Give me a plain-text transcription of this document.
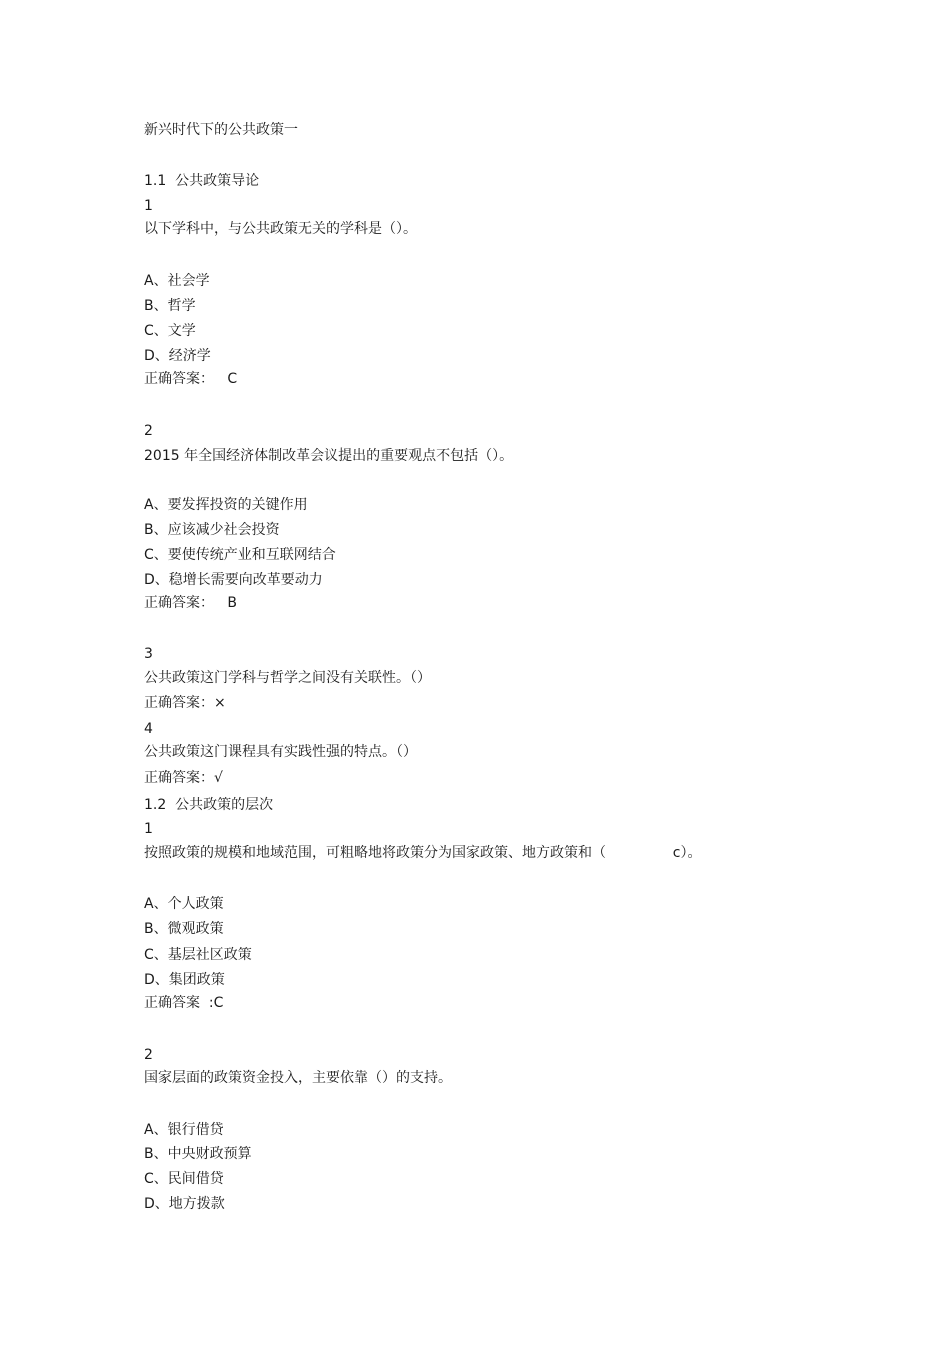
新兴时代下的公共政策一
1.1  公共政策导论
1
以下学科中，与公共政策无关的学科是（）。
A、社会学
B、哲学
C、文学
D、经济学
正确答案：   C
2
2015 年全国经济体制改革会议提出的重要观点不包括（）。
A、要发挥投资的关键作用
B、应该减少社会投资
C、要使传统产业和互联网结合
D、稳增长需要向改革要动力
正确答案：   B
3
公共政策这门学科与哲学之间没有关联性。（）
正确答案：×
4
公共政策这门课程具有实践性强的特点。（）
正确答案：√
1.2  公共政策的层次
1
按照政策的规模和地域范围，可粗略地将政策分为国家政策、地方政策和（               c）。
A、个人政策
B、微观政策
C、基层社区政策
D、集团政策
正确答案  :C
2
国家层面的政策资金投入，主要依靠（）的支持。
A、银行借贷
B、中央财政预算
C、民间借贷
D、地方拨款
